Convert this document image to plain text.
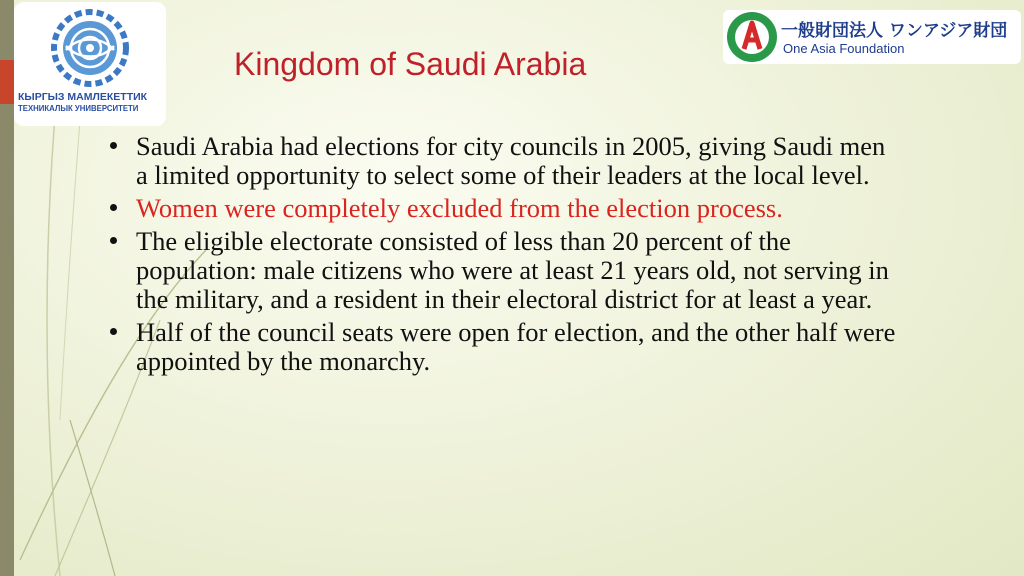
КЫРГЫЗ МАМЛЕКЕТТИК
ТЕХНИКАЛЫК УНИВЕРСИТЕТИ
一般財団法人 ワンアジア財団
One Asia Foundation
Kingdom of Saudi Arabia
Saudi Arabia had elections for city councils in 2005, giving Saudi men a limited opportunity to select some of their leaders at the local level.
Women were completely excluded from the election process.
The eligible electorate consisted of less than 20 percent of the population: male citizens who were at least 21 years old, not serving in the military, and a resident in their electoral district for at least a year.
Half of the council seats were open for election, and the other half were appointed by the monarchy.
